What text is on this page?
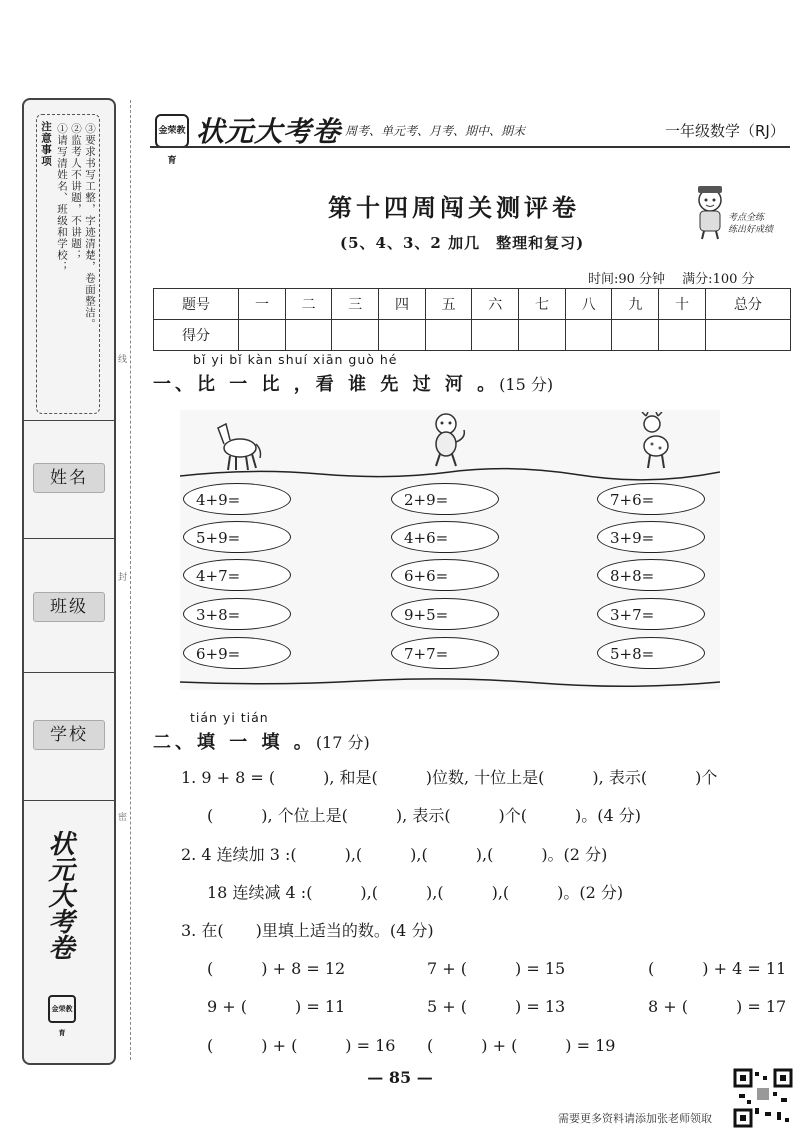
注意事项 ①请写清姓名、班级和学校； ②监考人不讲题，不讲题； ③要求书写工整，字迹清楚，卷面整洁。
姓名
班级
学校
状元大考卷
金荣教育
线
封
密
金荣教育
状元大考卷 周考、单元考、月考、期中、期末	一年级数学（RJ）
第十四周闯关测评卷
(5、4、3、2 加几　整理和复习)
考点全练
练出好成绩
时间:90 分钟　 满分:100 分
题号	一	二	三	四	五	六	七	八	九	十	总分
得分											
bǐ yi bǐ kàn shuí xiān guò hé
一、比 一 比 ，看 谁 先 过 河 。(15 分)
4+9=
5+9=
4+7=
3+8=
6+9=
2+9=
4+6=
6+6=
9+5=
7+7=
7+6=
3+9=
8+8=
3+7=
5+8=
tián yi tián
二、填 一 填 。(17 分)
1. 9 + 8 = (　　　), 和是(　　　)位数, 十位上是(　　　), 表示(　　　)个
(　　　), 个位上是(　　　), 表示(　　　)个(　　　)。(4 分)
2. 4 连续加 3 :(　　　),(　　　),(　　　),(　　　)。(2 分)
18 连续减 4 :(　　　),(　　　),(　　　),(　　　)。(2 分)
3. 在(　　)里填上适当的数。(4 分)
(　　　) + 8 = 12	7 + (　　　) = 15	(　　　) + 4 = 11
9 + (　　　) = 11	5 + (　　　) = 13	8 + (　　　) = 17
(　　　) + (　　　) = 16 (　　　) + (　　　) = 19
— 85 —
需要更多资料请添加张老师领取
